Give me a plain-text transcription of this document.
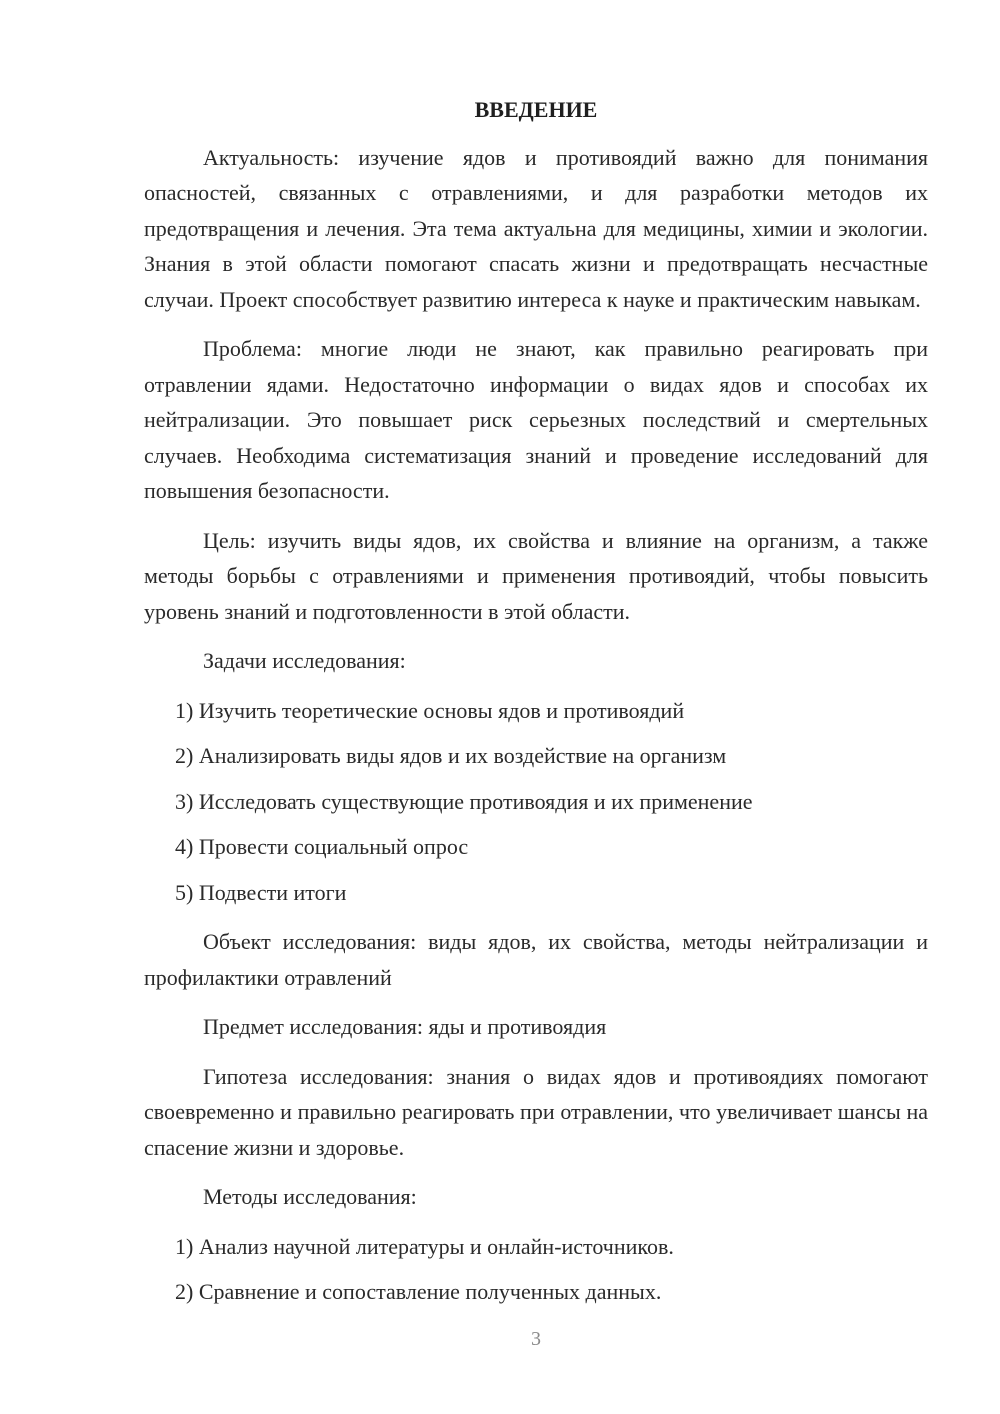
ВВЕДЕНИЕ

Актуальность: изучение ядов и противоядий важно для понимания опасностей, связанных с отравлениями, и для разработки методов их предотвращения и лечения. Эта тема актуальна для медицины, химии и экологии. Знания в этой области помогают спасать жизни и предотвращать несчастные случаи. Проект способствует развитию интереса к науке и практическим навыкам.

Проблема: многие люди не знают, как правильно реагировать при отравлении ядами. Недостаточно информации о видах ядов и способах их нейтрализации. Это повышает риск серьезных последствий и смертельных случаев. Необходима систематизация знаний и проведение исследований для повышения безопасности.

Цель: изучить виды ядов, их свойства и влияние на организм, а также методы борьбы с отравлениями и применения противоядий, чтобы повысить уровень знаний и подготовленности в этой области.

Задачи исследования:

1) Изучить теоретические основы ядов и противоядий
2) Анализировать виды ядов и их воздействие на организм
3) Исследовать существующие противоядия и их применение
4) Провести социальный опрос
5) Подвести итоги

Объект исследования: виды ядов, их свойства, методы нейтрализации и профилактики отравлений

Предмет исследования: яды и противоядия

Гипотеза исследования: знания о видах ядов и противоядиях помогают своевременно и правильно реагировать при отравлении, что увеличивает шансы на спасение жизни и здоровье.

Методы исследования:

1) Анализ научной литературы и онлайн-источников.
2) Сравнение и сопоставление полученных данных.
3
